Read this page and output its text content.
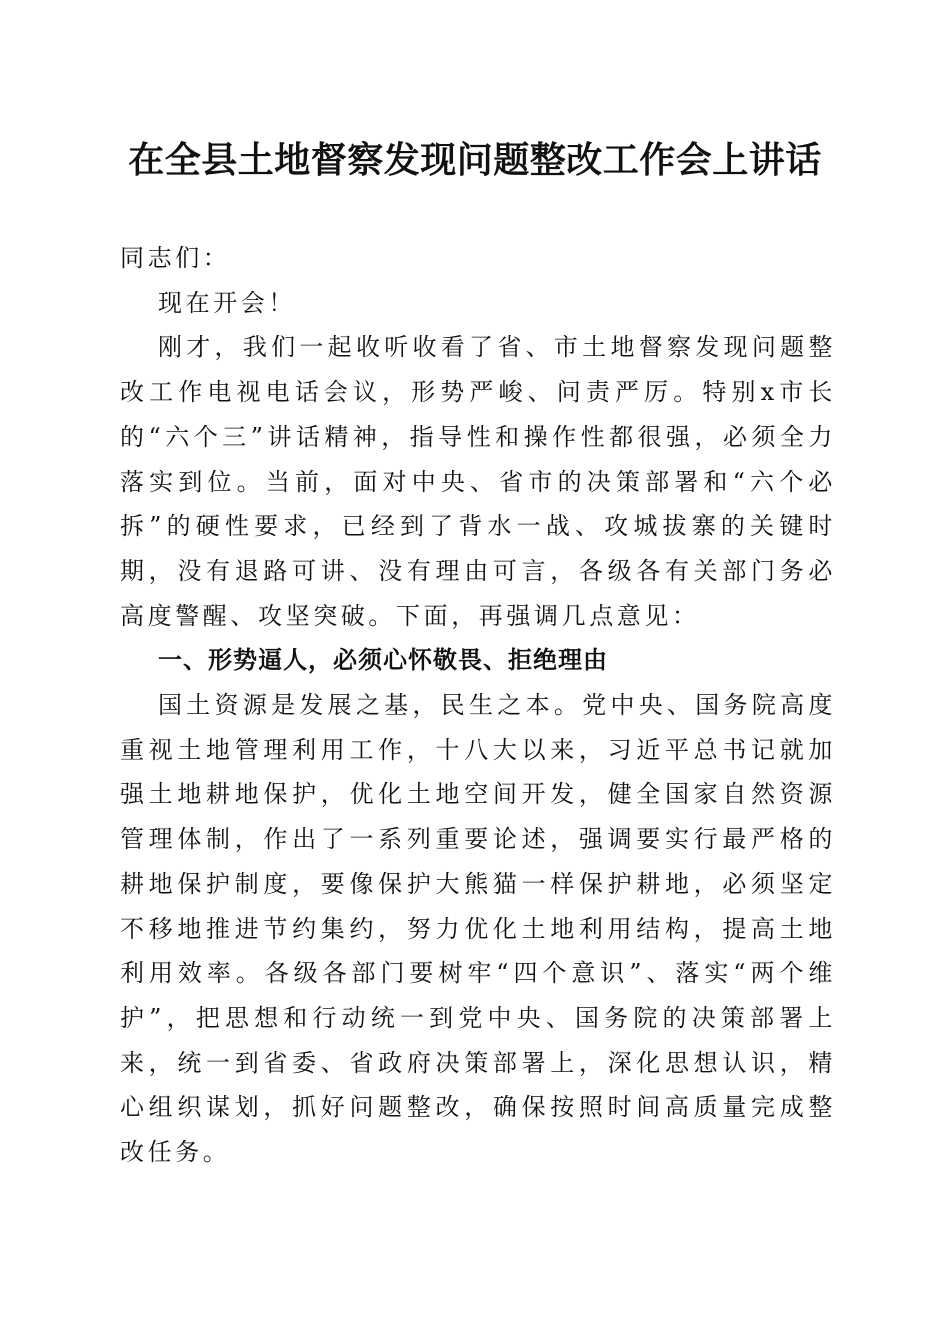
在全县土地督察发现问题整改工作会上讲话

同志们：

现在开会！

刚才，我们一起收听收看了省、市土地督察发现问题整改工作电视电话会议，形势严峻、问责严厉。特别x市长的“六个三”讲话精神，指导性和操作性都很强，必须全力落实到位。当前，面对中央、省市的决策部署和“六个必拆”的硬性要求，已经到了背水一战、攻城拔寨的关键时期，没有退路可讲、没有理由可言，各级各有关部门务必高度警醒、攻坚突破。下面，再强调几点意见：

一、形势逼人，必须心怀敬畏、拒绝理由

国土资源是发展之基，民生之本。党中央、国务院高度重视土地管理利用工作，十八大以来，习近平总书记就加强土地耕地保护，优化土地空间开发，健全国家自然资源管理体制，作出了一系列重要论述，强调要实行最严格的耕地保护制度，要像保护大熊猫一样保护耕地，必须坚定不移地推进节约集约，努力优化土地利用结构，提高土地利用效率。各级各部门要树牢“四个意识”、落实“两个维护”，把思想和行动统一到党中央、国务院的决策部署上来，统一到省委、省政府决策部署上，深化思想认识，精心组织谋划，抓好问题整改，确保按照时间高质量完成整改任务。
